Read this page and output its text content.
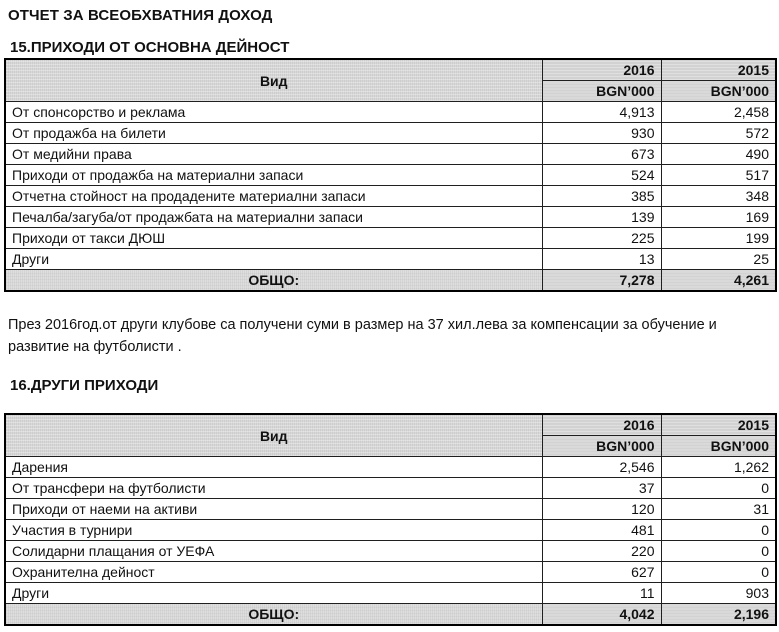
ОТЧЕТ ЗА ВСЕОБХВАТНИЯ ДОХОД
15.ПРИХОДИ ОТ ОСНОВНА ДЕЙНОСТ
Вид	2016	2015
	BGN’000	BGN’000
От спонсорство и реклама	4,913	2,458
От продажба на билети	930	572
От медийни права	673	490
Приходи от продажба на материални запаси	524	517
Отчетна стойност на продадените материални запаси	385	348
Печалба/загуба/от продажбата на материални запаси	139	169
Приходи от такси ДЮШ	225	199
Други	13	25
ОБЩО:	7,278	4,261

През 2016год.от други клубове са получени суми в размер на 37 хил.лева за компенсации за обучение и развитие на футболисти .

16.ДРУГИ ПРИХОДИ
Вид	2016	2015
	BGN’000	BGN’000
Дарения	2,546	1,262
От трансфери на футболисти	37	0
Приходи от наеми на активи	120	31
Участия в турнири	481	0
Солидарни плащания от УЕФА	220	0
Охранителна дейност	627	0
Други	11	903
ОБЩО:	4,042	2,196
